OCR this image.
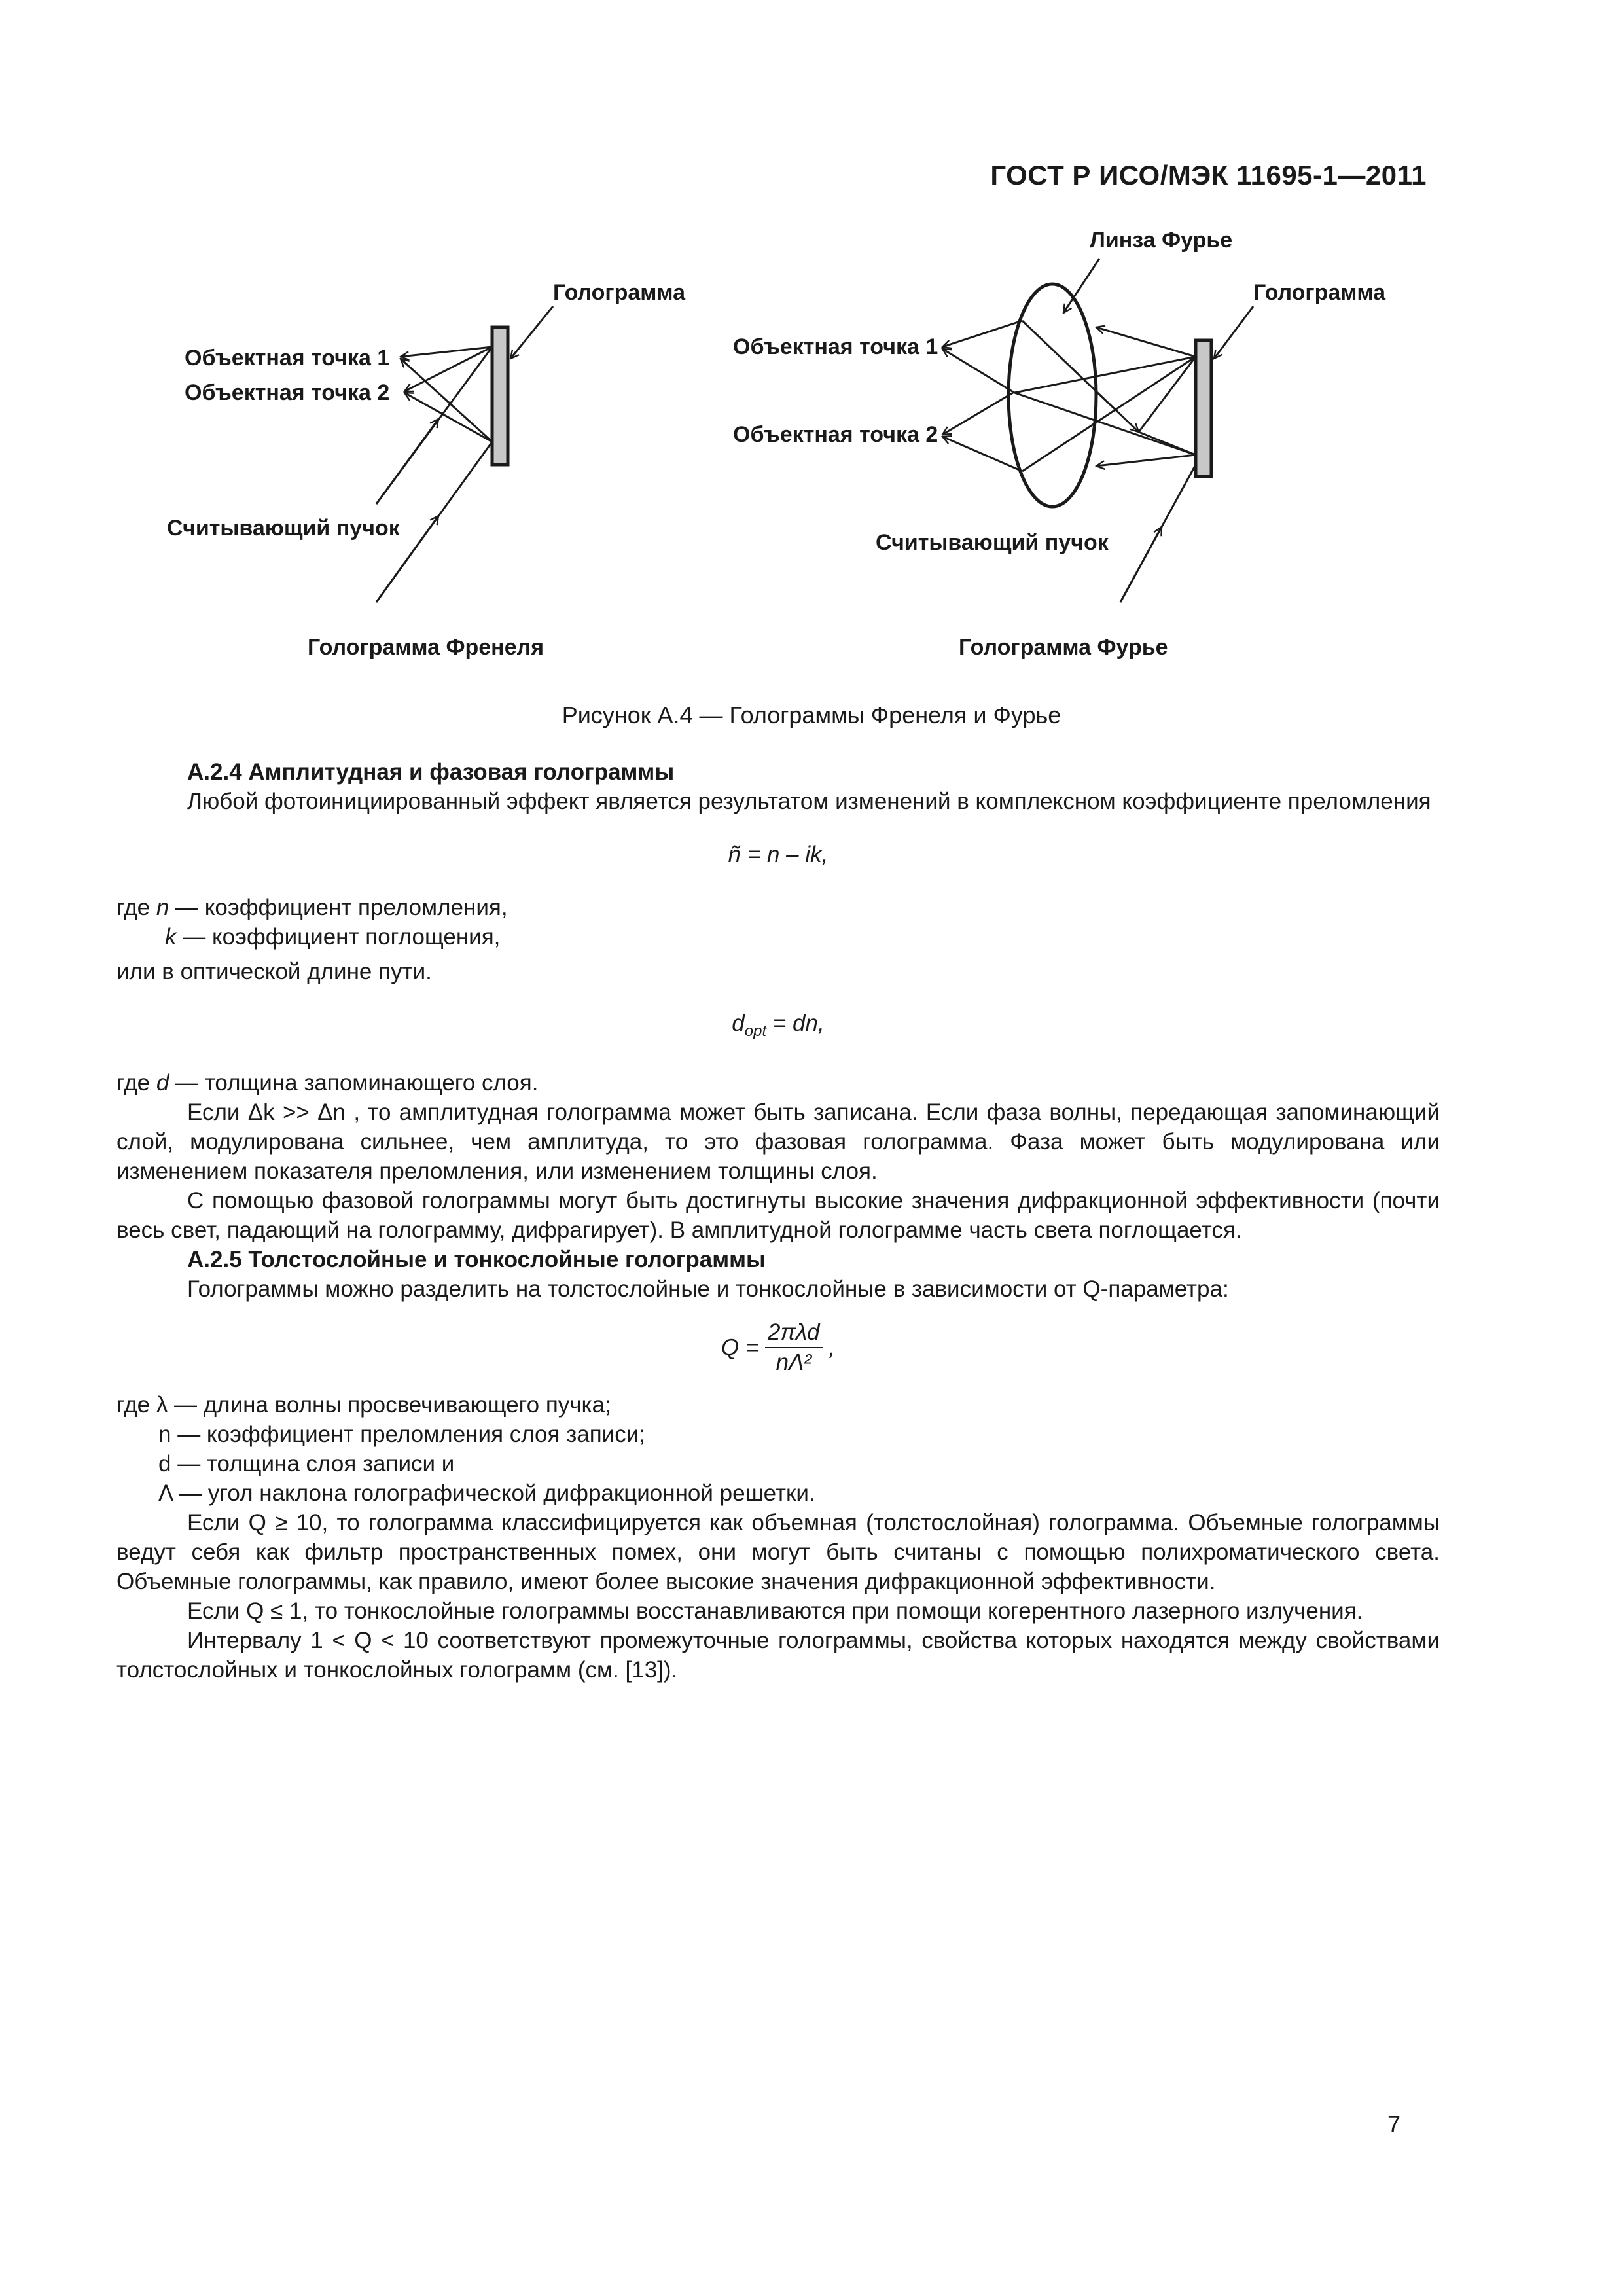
ГОСТ Р ИСО/МЭК 11695-1—2011
Голограмма
Объектная точка 1
Объектная точка 2
Считывающий пучок
Голограмма Френеля
Линза Фурье
Голограмма
Объектная точка 1
Объектная точка 2
Считывающий пучок
Голограмма Фурье
Рисунок А.4 — Голограммы Френеля и Фурье

А.2.4 Амплитудная и фазовая голограммы

Любой фотоинициированный эффект является результатом изменений в комплексном коэффициенте преломления

ñ = n – ik,

где n — коэффициент преломления,

k — коэффициент поглощения,

или в оптической длине пути.

$d_{opt}$ = dn,

где d — толщина запоминающего слоя.

Если Δk >> Δn , то амплитудная голограмма может быть записана. Если фаза волны, передающая запоминающий слой, модулирована сильнее, чем амплитуда, то это фазовая голограмма. Фаза может быть модулирована или изменением показателя преломления, или изменением толщины слоя.

С помощью фазовой голограммы могут быть достигнуты высокие значения дифракционной эффективности (почти весь свет, падающий на голограмму, дифрагирует). В амплитудной голограмме часть света поглощается.

А.2.5 Толстослойные и тонкослойные голограммы

Голограммы можно разделить на толстослойные и тонкослойные в зависимости от Q-параметра:

$Q = \frac{\text{2πλd}}{\text{nΛ²}}$ ,

где λ — длина волны просвечивающего пучка;

n — коэффициент преломления слоя записи;

d — толщина слоя записи и

Λ — угол наклона голографической дифракционной решетки.

Если Q ≥ 10, то голограмма классифицируется как объемная (толстослойная) голограмма. Объемные голограммы ведут себя как фильтр пространственных помех, они могут быть считаны с помощью полихроматического света. Объемные голограммы, как правило, имеют более высокие значения дифракционной эффективности.

Если Q ≤ 1, то тонкослойные голограммы восстанавливаются при помощи когерентного лазерного излучения.

Интервалу 1 < Q < 10 соответствуют промежуточные голограммы, свойства которых находятся между свойствами толстослойных и тонкослойных голограмм (см. [13]).

7
